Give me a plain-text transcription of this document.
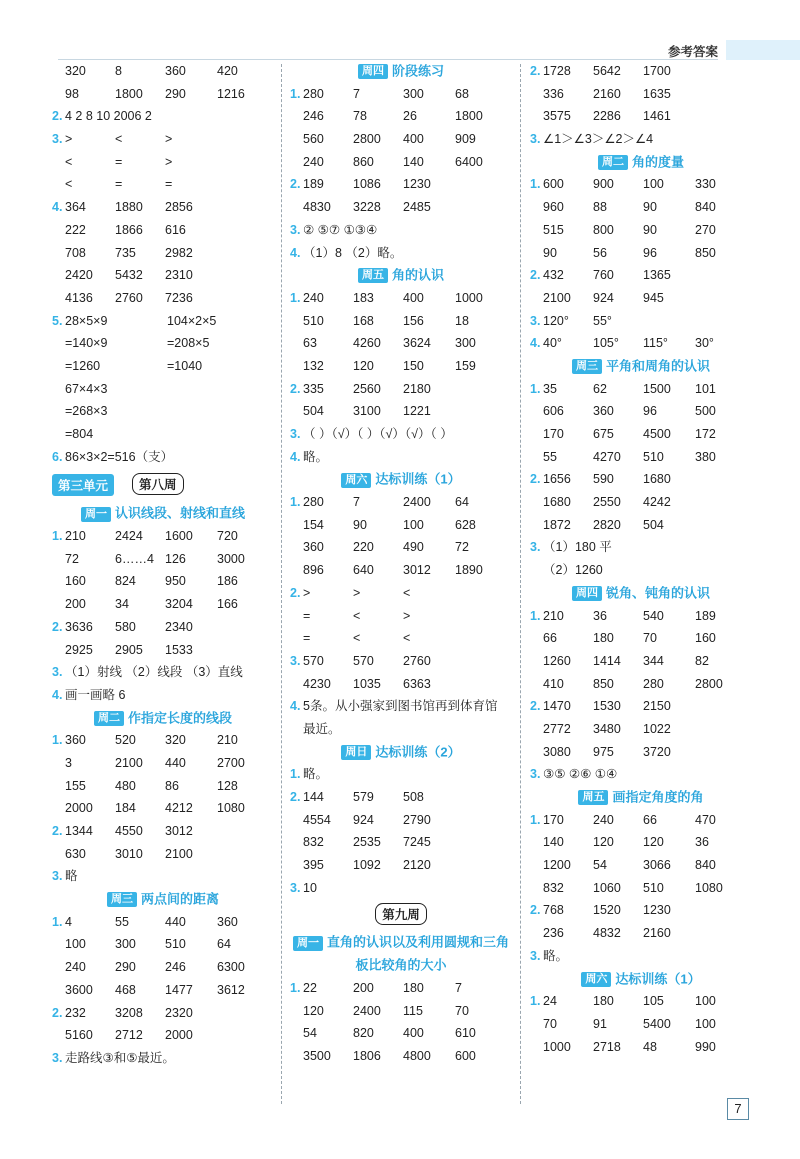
参考答案
320 8	360 420
98	1800 290 1216
2. 4 2 8 10 2006 2
3. >	<	>
<	=	>
<	=	=
4. 364 1880 2856
222 1866 616
708 735 2982
2420 5432 2310
4136 2760 7236
5.28×5×9	104×2×5
=140×9	=208×5
=1260	=1040
67×4×3
=268×3
=804
6. 86×3×2=516（支）
第三单元	第八周
周一 认识线段、射线和直线
1. 210 2424 1600 720
72	6……4 126 3000
160 824 950 186
200 34	3204 166
2. 3636 580 2340
2925 2905 1533
3. （1）射线 （2）线段 （3）直线
4. 画一画略 6
周二 作指定长度的线段
1. 360 520 320 210
3	2100 440 2700
155 480 86	128
2000 184 4212 1080
2. 1344 4550 3012
630 3010 2100
3. 略
周三 两点间的距离
1. 4	55	440 360
100 300 510 64
240 290 246 6300
3600 468 1477 3612
2. 232 3208 2320
5160 2712 2000
3. 走路线③和⑤最近。
周四 阶段练习
1. 280 7	300 68
246 78	26	1800
560 2800 400 909
240 860 140 6400
2. 189 1086 1230
4830 3228 2485
3. ② ⑤⑦ ①③④
4. （1）8 （2）略。
周五 角的认识
1. 240 183 400 1000
510 168 156 18
63	4260 3624 300
132 120 150 159
2. 335 2560 2180
504 3100 1221
3. （ ）（√）（ ）（√）（√）（ ）
4. 略。
周六 达标训练（1）
1. 280 7	2400 64
154 90	100 628
360 220 490 72
896 640 3012 1890
2. >	>	<
=	<	>
=	<	<
3. 570 570 2760
4230 1035 6363
4. 5条。从小强家到图书馆再到体育馆
最近。
周日 达标训练（2）
1. 略。
2. 144 579 508
4554 924 2790
832 2535 7245
395 1092 2120
3. 10
第九周
周一 直角的认识以及利用圆规和三角
板比较角的大小
1. 22	200 180 7
120 2400 115	70
54	820 400 610
3500 1806 4800 600
2. 1728 5642 1700
336 2160 1635
3575 2286 1461
3. ∠1＞∠3＞∠2＞∠4
周二 角的度量
1. 600 900 100 330
960 88	90	840
515 800 90	270
90	56	96	850
2. 432 760 1365
2100 924 945
3. 120° 55°
4. 40° 105° 115° 30°
周三 平角和周角的认识
1. 35	62	1500 101
606 360 96	500
170 675 4500 172
55	4270 510 380
2. 1656 590 1680
1680 2550 4242
1872 2820 504
3. （1）180 平
（2）1260
周四 锐角、钝角的认识
1. 210 36	540 189
66	180 70	160
1260 1414 344 82
410 850 280 2800
2. 1470 1530 2150
2772 3480 1022
3080 975 3720
3. ③⑤ ②⑥ ①④
周五 画指定角度的角
1. 170 240 66	470
140 120 120 36
1200 54	3066 840
832 1060 510 1080
2. 768 1520 1230
236 4832 2160
3. 略。
周六 达标训练（1）
1. 24	180 105 100
70	91	5400 100
1000 2718 48	990
7
